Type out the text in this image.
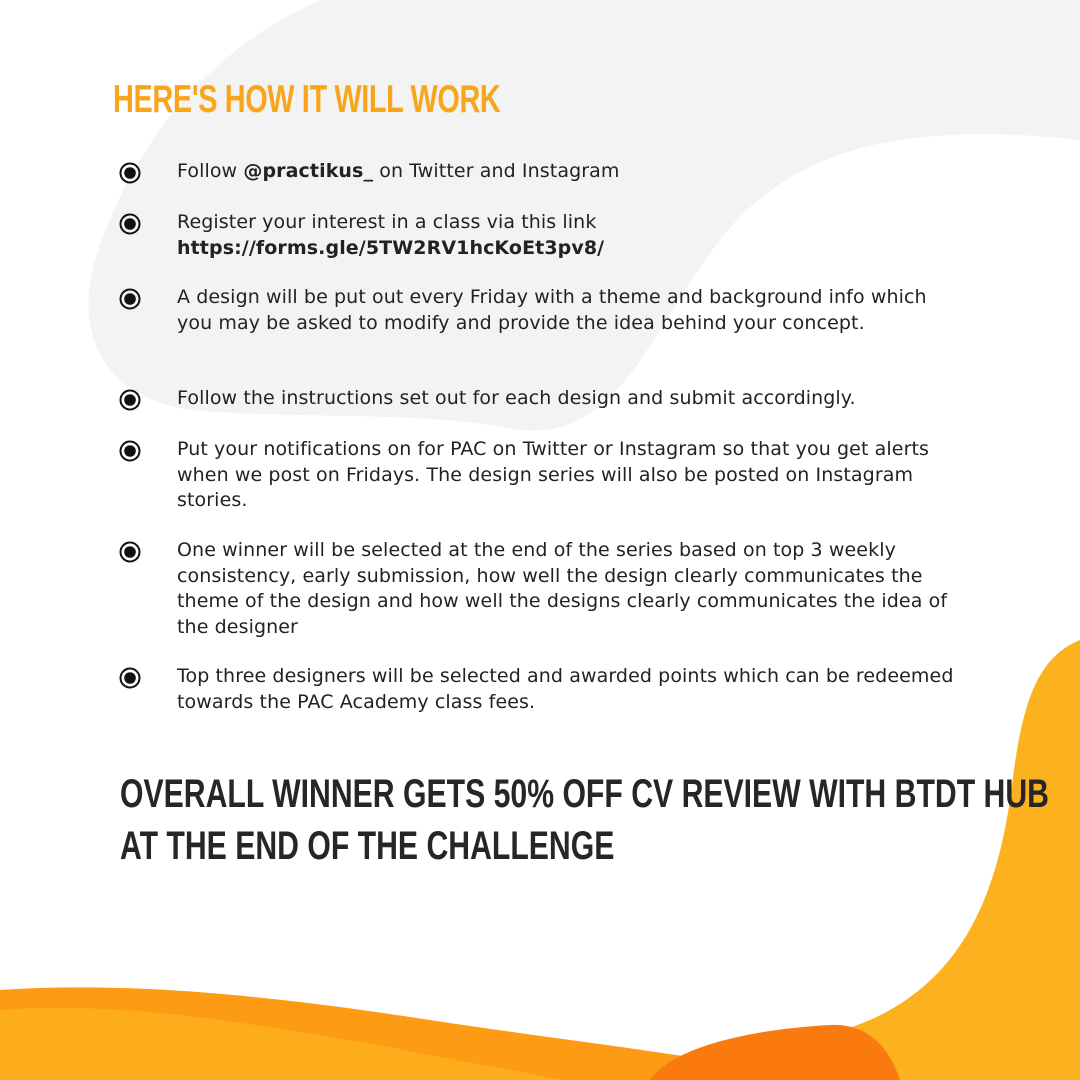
HERE'S HOW IT WILL WORK
Follow @practikus_ on Twitter and Instagram
Register your interest in a class via this link
https://forms.gle/5TW2RV1hcKoEt3pv8/
A design will be put out every Friday with a theme and background info which you may be asked to modify and provide the idea behind your concept.
Follow the instructions set out for each design and submit accordingly.
Put your notifications on for PAC on Twitter or Instagram so that you get alerts when we post on Fridays. The design series will also be posted on Instagram stories.
One winner will be selected at the end of the series based on top 3 weekly consistency, early submission, how well the design clearly communicates the theme of the design and how well the designs clearly communicates the idea of the designer
Top three designers will be selected and awarded points which can be redeemed towards the PAC Academy class fees.
OVERALL WINNER GETS 50% OFF CV REVIEW WITH BTDT HUB
AT THE END OF THE CHALLENGE
